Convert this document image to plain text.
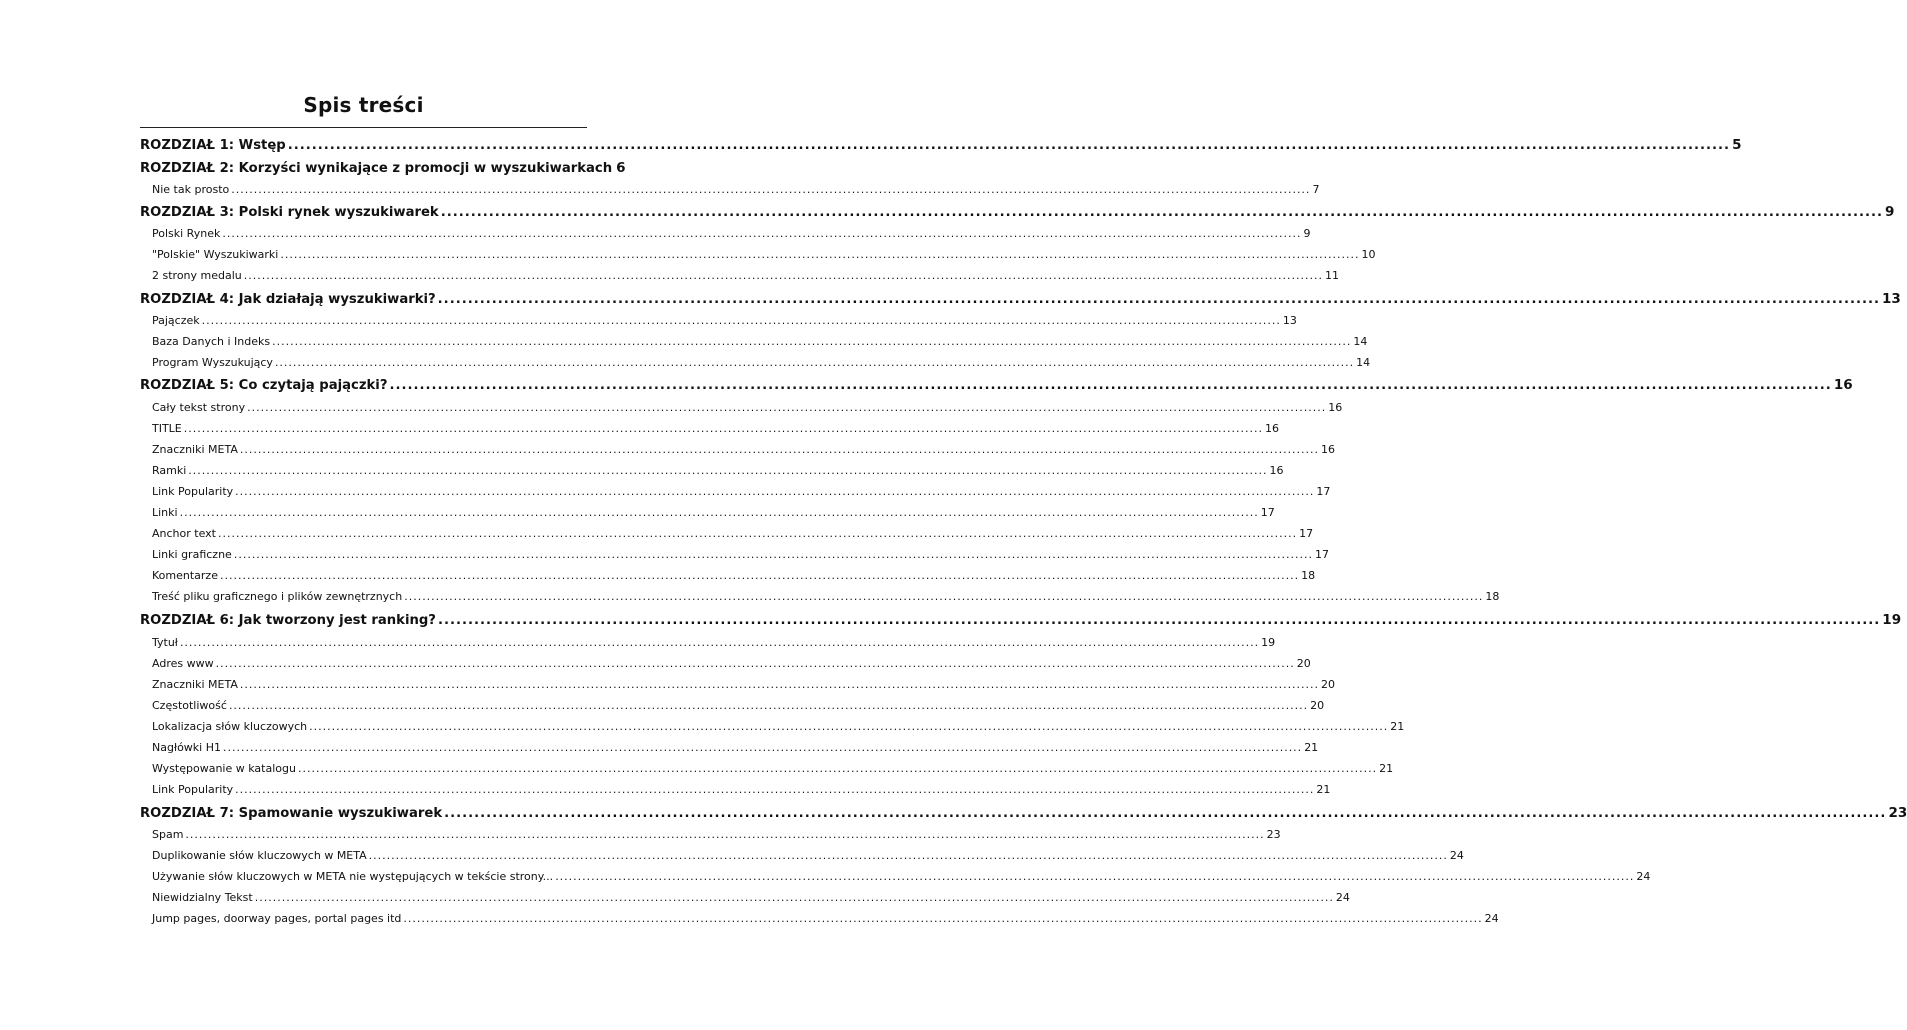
Spis treści
ROZDZIAŁ 1: Wstęp .....	5
ROZDZIAŁ 2: Korzyści wynikające z promocji w wyszukiwarkach 6
Nie tak prosto .....	7
ROZDZIAŁ 3: Polski rynek wyszukiwarek .....	9
Polski Rynek .....	9
"Polskie" Wyszukiwarki .....	10
2 strony medalu .....	11
ROZDZIAŁ 4: Jak działają wyszukiwarki? .....	13
Pajączek .....	13
Baza Danych i Indeks .....	14
Program Wyszukujący .....	14
ROZDZIAŁ 5: Co czytają pajączki? .....	16
Cały tekst strony .....	16
TITLE .....	16
Znaczniki META .....	16
Ramki .....	16
Link Popularity .....	17
Linki .....	17
Anchor text .....	17
Linki graficzne .....	17
Komentarze .....	18
Treść pliku graficznego i plików zewnętrznych .....	18
ROZDZIAŁ 6: Jak tworzony jest ranking? .....	19
Tytuł .....	19
Adres www .....	20
Znaczniki META .....	20
Częstotliwość .....	20
Lokalizacja słów kluczowych .....	21
Nagłówki H1 .....	21
Występowanie w katalogu .....	21
Link Popularity .....	21
ROZDZIAŁ 7: Spamowanie wyszukiwarek .....	23
Spam .....	23
Duplikowanie słów kluczowych w META .....	24
Używanie słów kluczowych w META nie występujących w tekście strony... .....	24
Niewidzialny Tekst .....	24
Jump pages, doorway pages, portal pages itd .....	24
